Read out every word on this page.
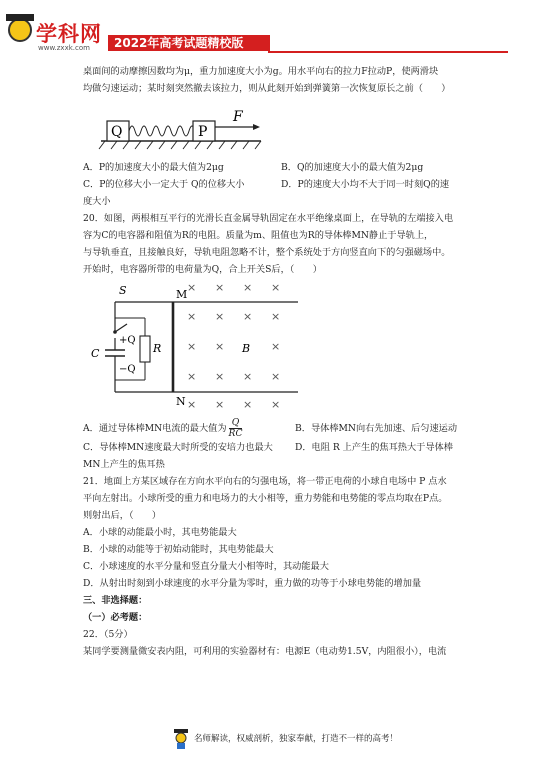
学科网
www.zxxk.com	2022年高考试题精校版

桌面间的动摩擦因数均为μ，重力加速度大小为g。用水平向右的拉力F拉动P，使两滑块

均做匀速运动；某时刻突然撤去该拉力，则从此刻开始到弹簧第一次恢复原长之前（　　）

Q	P
F
A．P的加速度大小的最大值为2μg	B．Q的加速度大小的最大值为2μg
C．P的位移大小一定大于 Q的位移大小	D．P的速度大小均不大于同一时刻Q的速

度大小

20．如图，两根相互平行的光滑长直金属导轨固定在水平绝缘桌面上，在导轨的左端接入电

容为C的电容器和阻值为R的电阻。质量为m、阻值也为R的导体棒MN静止于导轨上，

与导轨垂直，且接触良好，导轨电阻忽略不计，整个系统处于方向竖直向下的匀强磁场中。

开始时，电容器所带的电荷量为Q，合上开关S后，（　　）

× × × ×
× ×	×
× × × ×
× × × ×
× × × ×
S	M
N
C
+Q
−Q
R	B
A．通过导体棒MN电流的最大值为 $\frac{Q}{RC}$	B．导体棒MN向右先加速、后匀速运动
C．导体棒MN速度最大时所受的安培力也最大	D．电阻 R 上产生的焦耳热大于导体棒

MN上产生的焦耳热

21．地面上方某区域存在方向水平向右的匀强电场，将一带正电荷的小球自电场中 P 点水

平向左射出。小球所受的重力和电场力的大小相等，重力势能和电势能的零点均取在P点。

则射出后，（　　）

A．小球的动能最小时，其电势能最大

B．小球的动能等于初始动能时，其电势能最大

C．小球速度的水平分量和竖直分量大小相等时，其动能最大

D．从射出时刻到小球速度的水平分量为零时，重力做的功等于小球电势能的增加量

三、非选择题：

（一）必考题：

22．（5分）

某同学要测量微安表内阻，可利用的实验器材有：电源E（电动势1.5V，内阻很小），电流

名师解读，权威剖析，独家奉献，打造不一样的高考！
